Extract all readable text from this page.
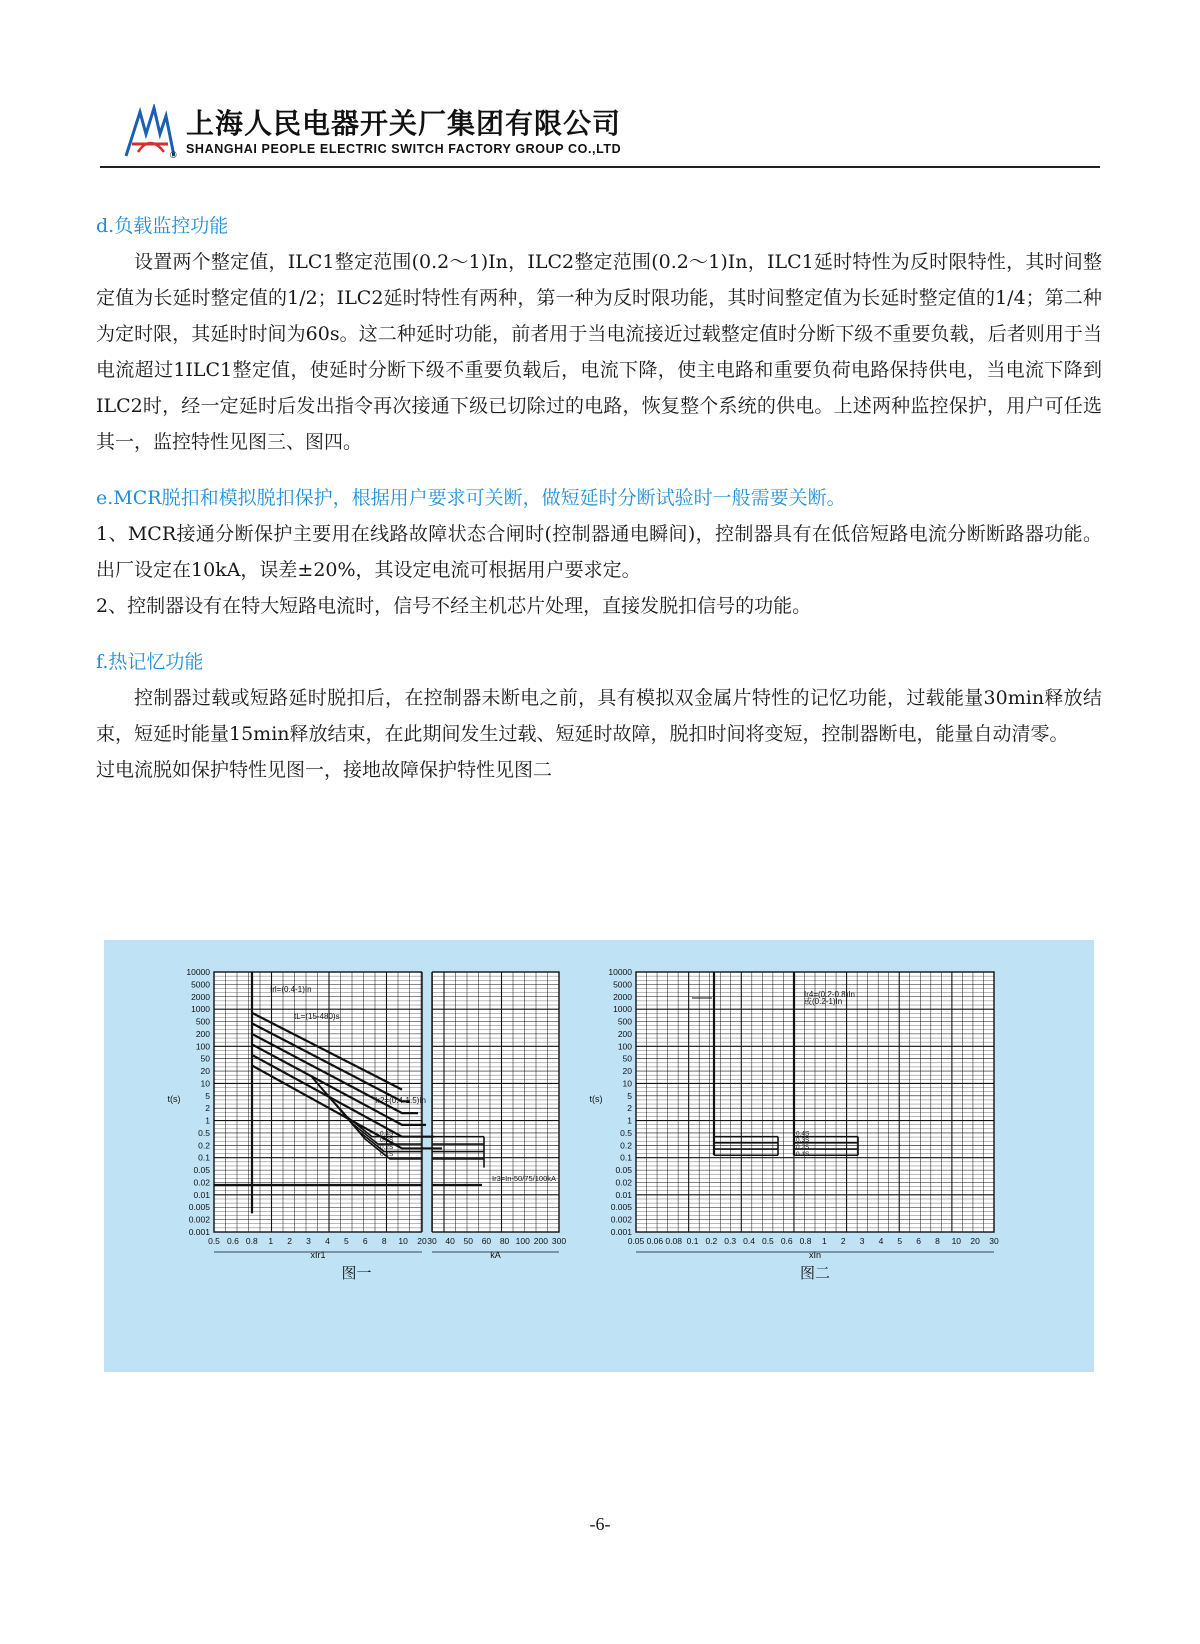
®
上海人民电器开关厂集团有限公司
SHANGHAI PEOPLE ELECTRIC SWITCH FACTORY GROUP CO.,LTD

d.负载监控功能

设置两个整定值，ILC1整定范围(0.2～1)In，ILC2整定范围(0.2～1)In，ILC1延时特性为反时限特性，其时间整定值为长延时整定值的1/2；ILC2延时特性有两种，第一种为反时限功能，其时间整定值为长延时整定值的1/4；第二种为定时限，其延时时间为60s。这二种延时功能，前者用于当电流接近过载整定值时分断下级不重要负载，后者则用于当电流超过1ILC1整定值，使延时分断下级不重要负载后，电流下降，使主电路和重要负荷电路保持供电，当电流下降到ILC2时，经一定延时后发出指令再次接通下级已切除过的电路，恢复整个系统的供电。上述两种监控保护，用户可任选其一，监控特性见图三、图四。

e.MCR脱扣和模拟脱扣保护，根据用户要求可关断，做短延时分断试验时一般需要关断。

1、MCR接通分断保护主要用在线路故障状态合闸时(控制器通电瞬间)，控制器具有在低倍短路电流分断断路器功能。出厂设定在10kA，误差±20%，其设定电流可根据用户要求定。

2、控制器设有在特大短路电流时，信号不经主机芯片处理，直接发脱扣信号的功能。

f.热记忆功能

控制器过载或短路延时脱扣后，在控制器未断电之前，具有模拟双金属片特性的记忆功能，过载能量30min释放结束，短延时能量15min释放结束，在此期间发生过载、短延时故障，脱扣时间将变短，控制器断电，能量自动清零。

过电流脱如保护特性见图一，接地故障保护特性见图二

10000
5000
2000
1000
500
200
100
50
20
10
5
2
1
0.5
0.2
0.1
0.05
0.02
0.01
0.005
0.002
0.001
t(s)
0.5 0.6 0.8 1 2 3 4 5 6 8 10 20
xIr1
30 40 50 60 80 100 200 300
kA
图一
Irl=(0.4-1)In
tL=(15-480)s
Ir2=(0.4-1.5)In
Ir3=In-50/75/100kA
0.4S
0.3S
0.2S
0.1S
10000
5000
2000
1000
500
200
100
50
20
10
5
2
1
0.5
0.2
0.1
0.05
0.02
0.01
0.005
0.002
0.001
t(s)
0.05 0.06 0.08 0.1 0.2 0.3 0.4 0.5 0.6 0.8 1 2 3 4 5 6 8 10 20 30
xIn
图二
Ir4=(0.2-0.8)In
或(0.2-1)In
0.4S
0.3S
0.2S
0.1S
-6-
